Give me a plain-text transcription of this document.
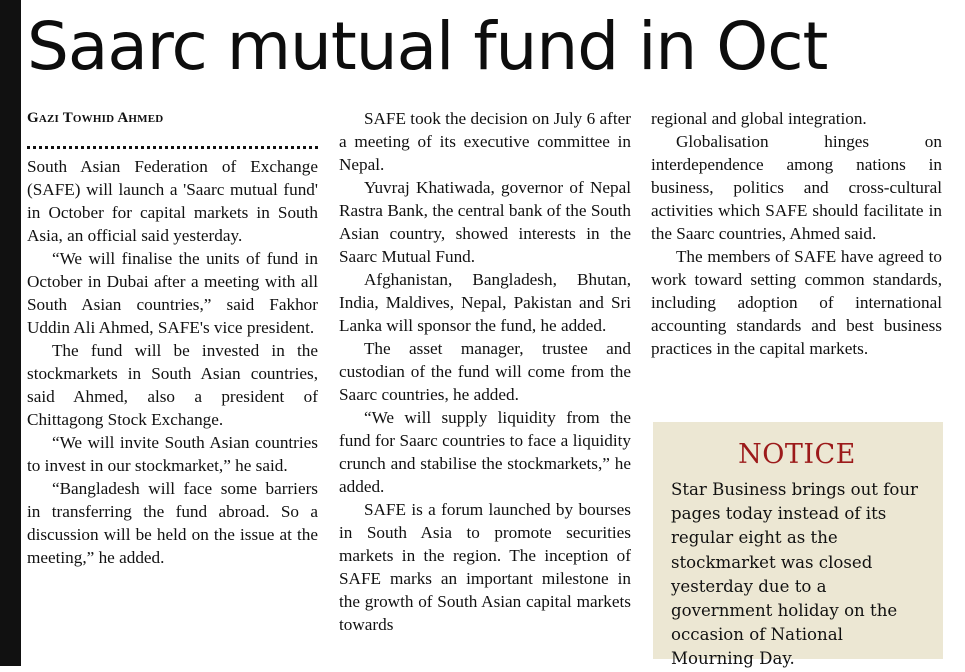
Saarc mutual fund in Oct
Gazi Towhid Ahmed

South Asian Federation of Exchange (SAFE) will launch a 'Saarc mutual fund' in October for capital markets in South Asia, an official said yesterday.

“We will finalise the units of fund in October in Dubai after a meeting with all South Asian countries,” said Fakhor Uddin Ali Ahmed, SAFE's vice president.

The fund will be invested in the stockmarkets in South Asian countries, said Ahmed, also a president of Chittagong Stock Exchange.

“We will invite South Asian countries to invest in our stockmarket,” he said.

“Bangladesh will face some barriers in transferring the fund abroad. So a discussion will be held on the issue at the meeting,” he added.

SAFE took the decision on July 6 after a meeting of its executive committee in Nepal.

Yuvraj Khatiwada, governor of Nepal Rastra Bank, the central bank of the South Asian country, showed interests in the Saarc Mutual Fund.

Afghanistan, Bangladesh, Bhutan, India, Maldives, Nepal, Pakistan and Sri Lanka will sponsor the fund, he added.

The asset manager, trustee and custodian of the fund will come from the Saarc countries, he added.

“We will supply liquidity from the fund for Saarc countries to face a liquidity crunch and stabilise the stockmarkets,” he added.

SAFE is a forum launched by bourses in South Asia to promote securities markets in the region. The inception of SAFE marks an important milestone in the growth of South Asian capital markets towards

regional and global integration.

Globalisation hinges on interdependence among nations in business, politics and cross-cultural activities which SAFE should facilitate in the Saarc countries, Ahmed said.

The members of SAFE have agreed to work toward setting common standards, including adoption of international accounting standards and best business practices in the capital markets.

NOTICE

Star Business brings out four pages today instead of its regular eight as the stockmarket was closed yesterday due to a government holiday on the occasion of National Mourning Day.
